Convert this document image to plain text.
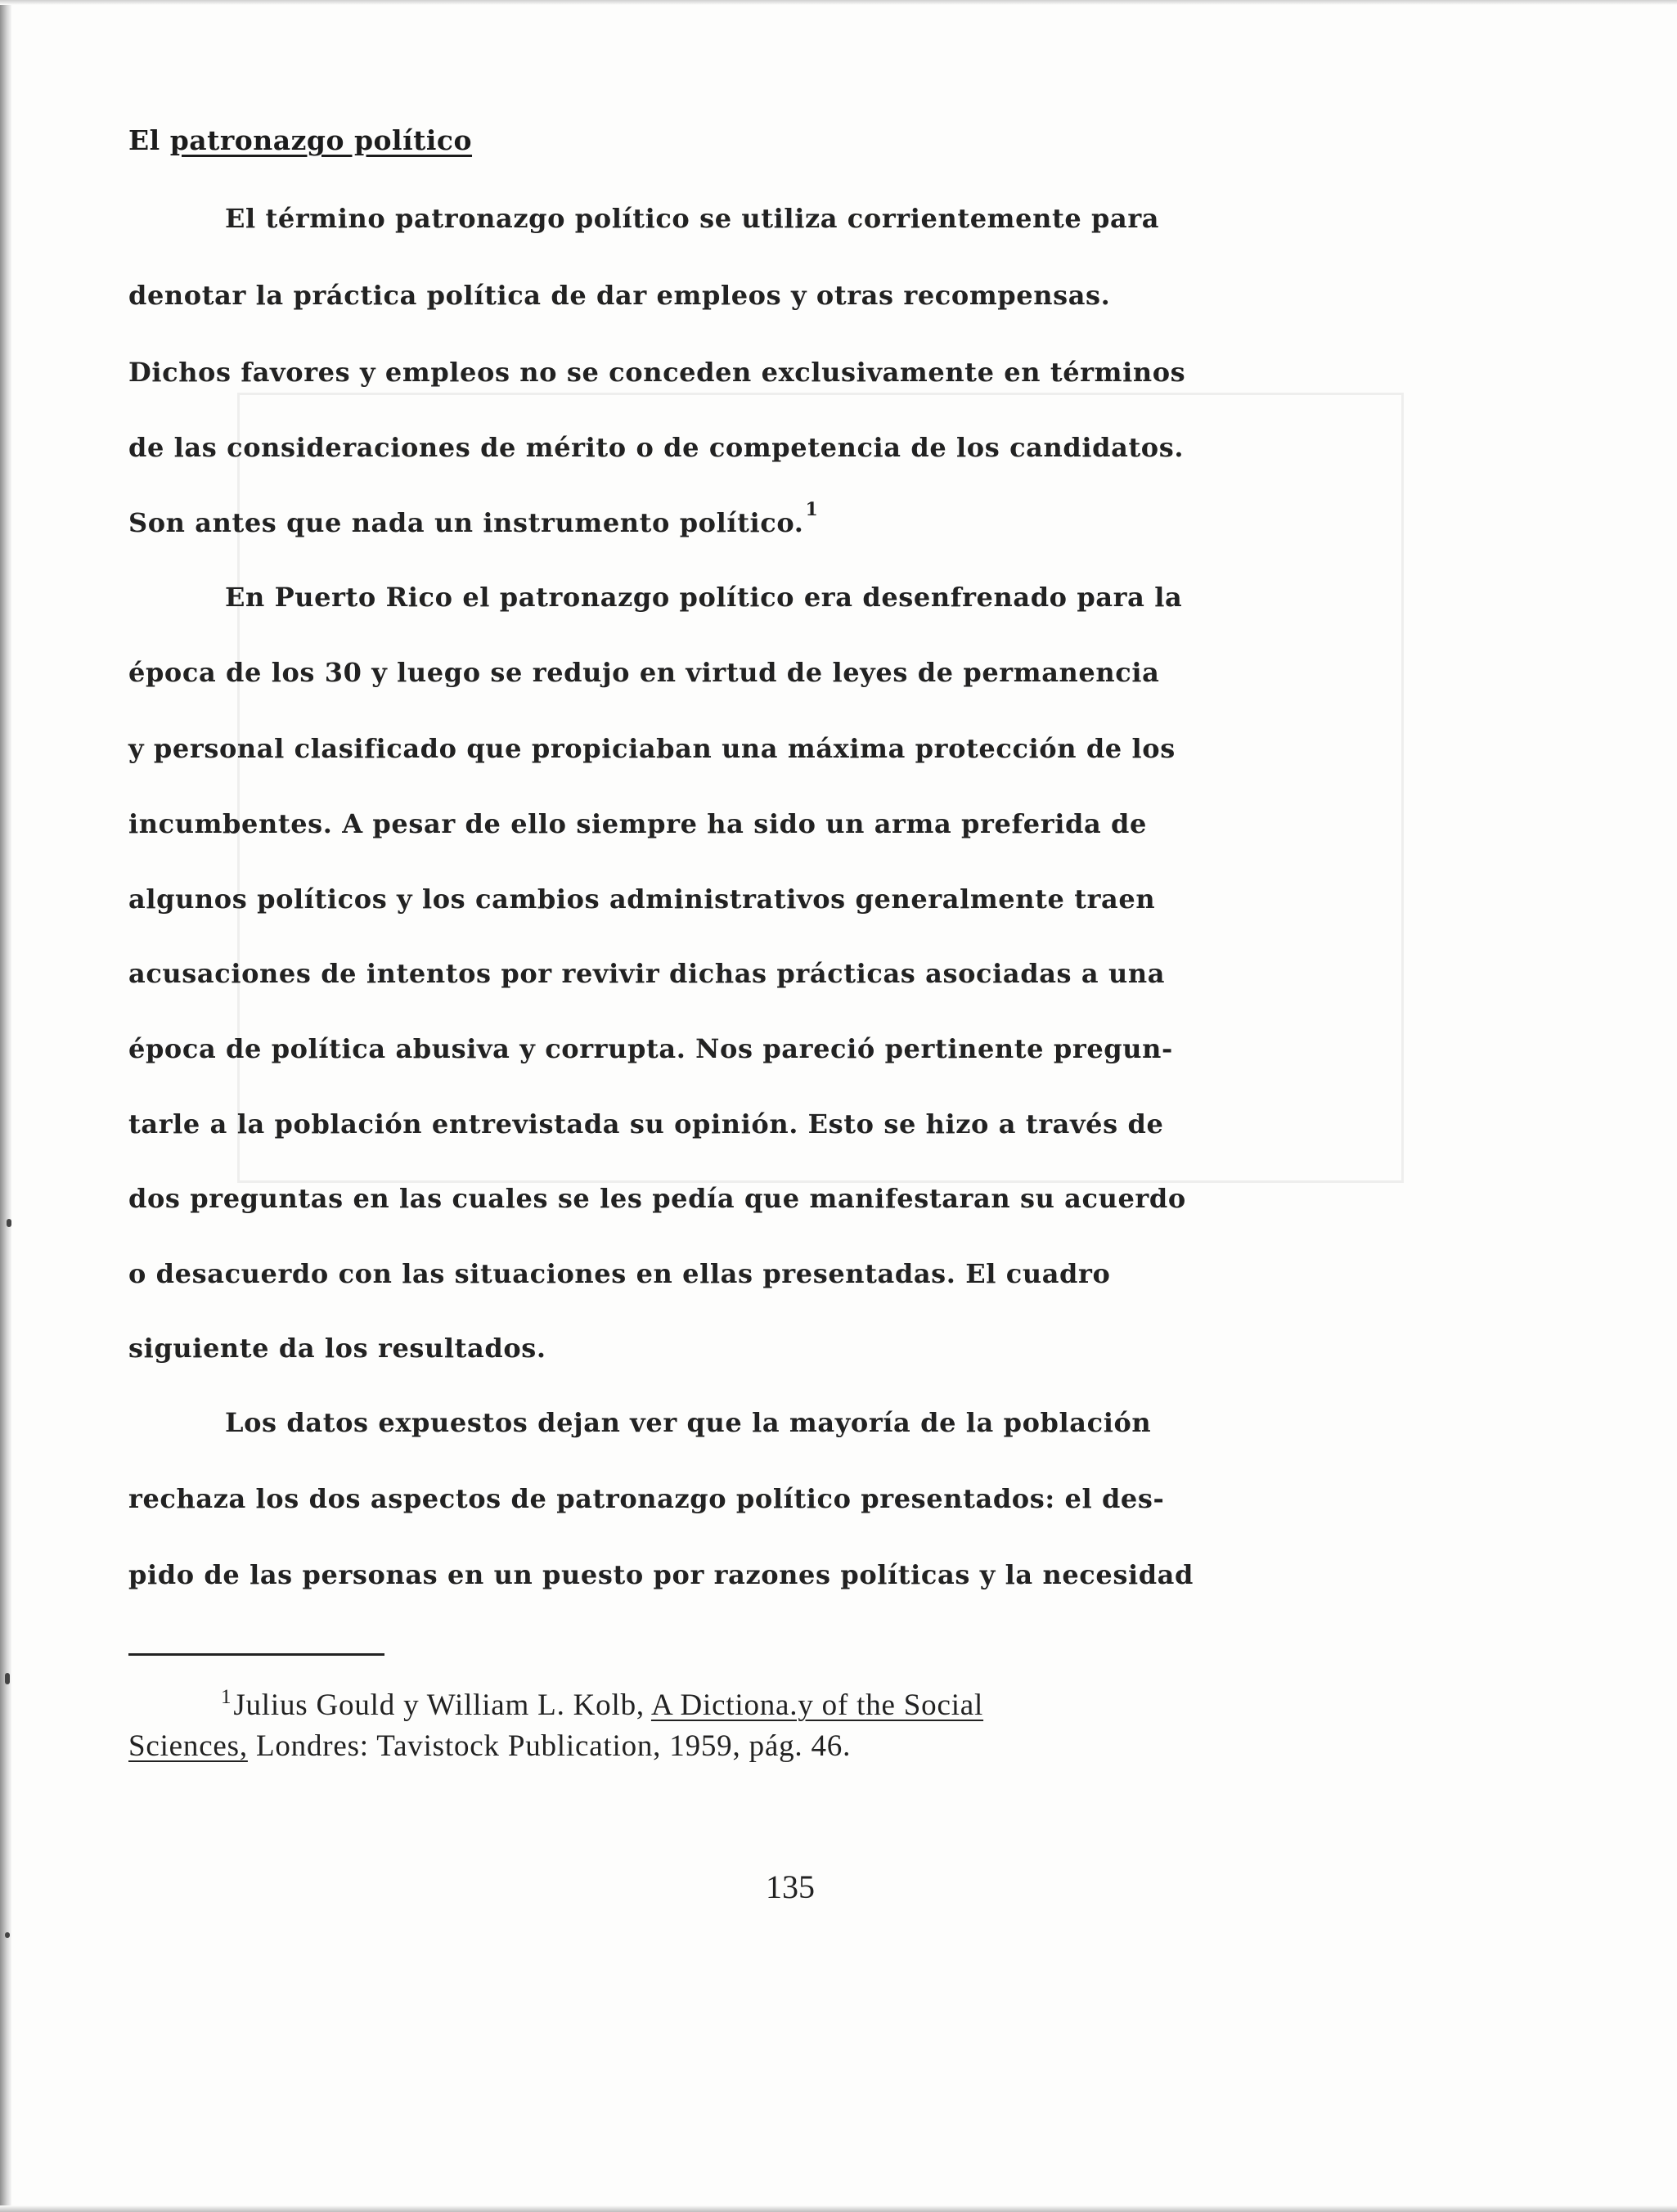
El patronazgo político
El término patronazgo político se utiliza corrientemente para
denotar la práctica política de dar empleos y otras recompensas.
Dichos favores y empleos no se conceden exclusivamente en términos
de las consideraciones de mérito o de competencia de los candidatos.
Son antes que nada un instrumento político.$^1$
En Puerto Rico el patronazgo político era desenfrenado para la
época de los 30 y luego se redujo en virtud de leyes de permanencia
y personal clasificado que propiciaban una máxima protección de los
incumbentes. A pesar de ello siempre ha sido un arma preferida de
algunos políticos y los cambios administrativos generalmente traen
acusaciones de intentos por revivir dichas prácticas asociadas a una
época de política abusiva y corrupta. Nos pareció pertinente pregun-
tarle a la población entrevistada su opinión. Esto se hizo a través de
dos preguntas en las cuales se les pedía que manifestaran su acuerdo
o desacuerdo con las situaciones en ellas presentadas. El cuadro
siguiente da los resultados.
Los datos expuestos dejan ver que la mayoría de la población
rechaza los dos aspectos de patronazgo político presentados: el des-
pido de las personas en un puesto por razones políticas y la necesidad
$^1$Julius Gould y William L. Kolb, A Dictiona.y of the Social
Sciences, Londres: Tavistock Publication, 1959, pág. 46.
135
